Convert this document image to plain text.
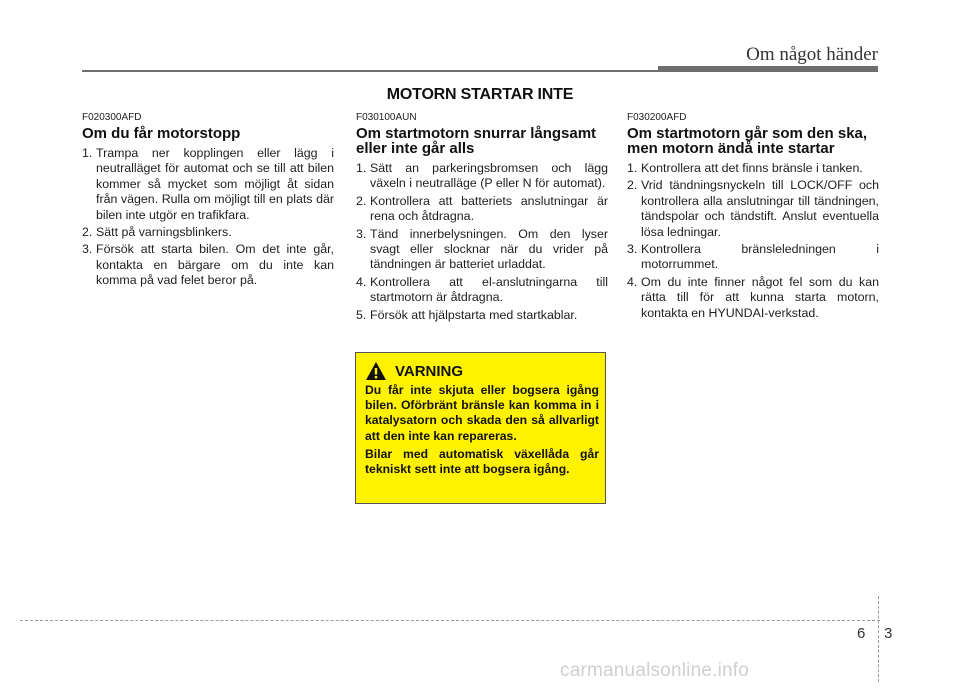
Om något händer
MOTORN STARTAR INTE
F020300AFD
Om du får motorstopp
1. Trampa ner kopplingen eller lägg i neutralläget för automat och se till att bilen kommer så mycket som möjligt åt sidan från vägen. Rulla om möjligt till en plats där bilen inte utgör en trafikfara.
2. Sätt på varningsblinkers.
3. Försök att starta bilen. Om det inte går, kontakta en bärgare om du inte kan komma på vad felet beror på.
F030100AUN
Om startmotorn snurrar långsamt eller inte går alls
1. Sätt an parkeringsbromsen och lägg växeln i neutralläge (P eller N för automat).
2. Kontrollera att batteriets anslutningar är rena och åtdragna.
3. Tänd innerbelysningen. Om den lyser svagt eller slocknar när du vrider på tändningen är batteriet urladdat.
4. Kontrollera att el-anslutningarna till startmotorn är åtdragna.
5. Försök att hjälpstarta med startkablar.
F030200AFD
Om startmotorn går som den ska, men motorn ändå inte startar
1. Kontrollera att det finns bränsle i tanken.
2. Vrid tändningsnyckeln till LOCK/OFF och kontrollera alla anslutningar till tändningen, tändspolar och tändstift. Anslut eventuella lösa ledningar.
3. Kontrollera bränsleledningen i motorrummet.
4. Om du inte finner något fel som du kan rätta till för att kunna starta motorn, kontakta en HYUNDAI-verkstad.
VARNING

Du får inte skjuta eller bogsera igång bilen. Oförbränt bränsle kan komma in i katalysatorn och skada den så allvarligt att den inte kan repareras.

Bilar med automatisk växellåda går tekniskt sett inte att bogsera igång.

6 3
carmanualsonline.info
